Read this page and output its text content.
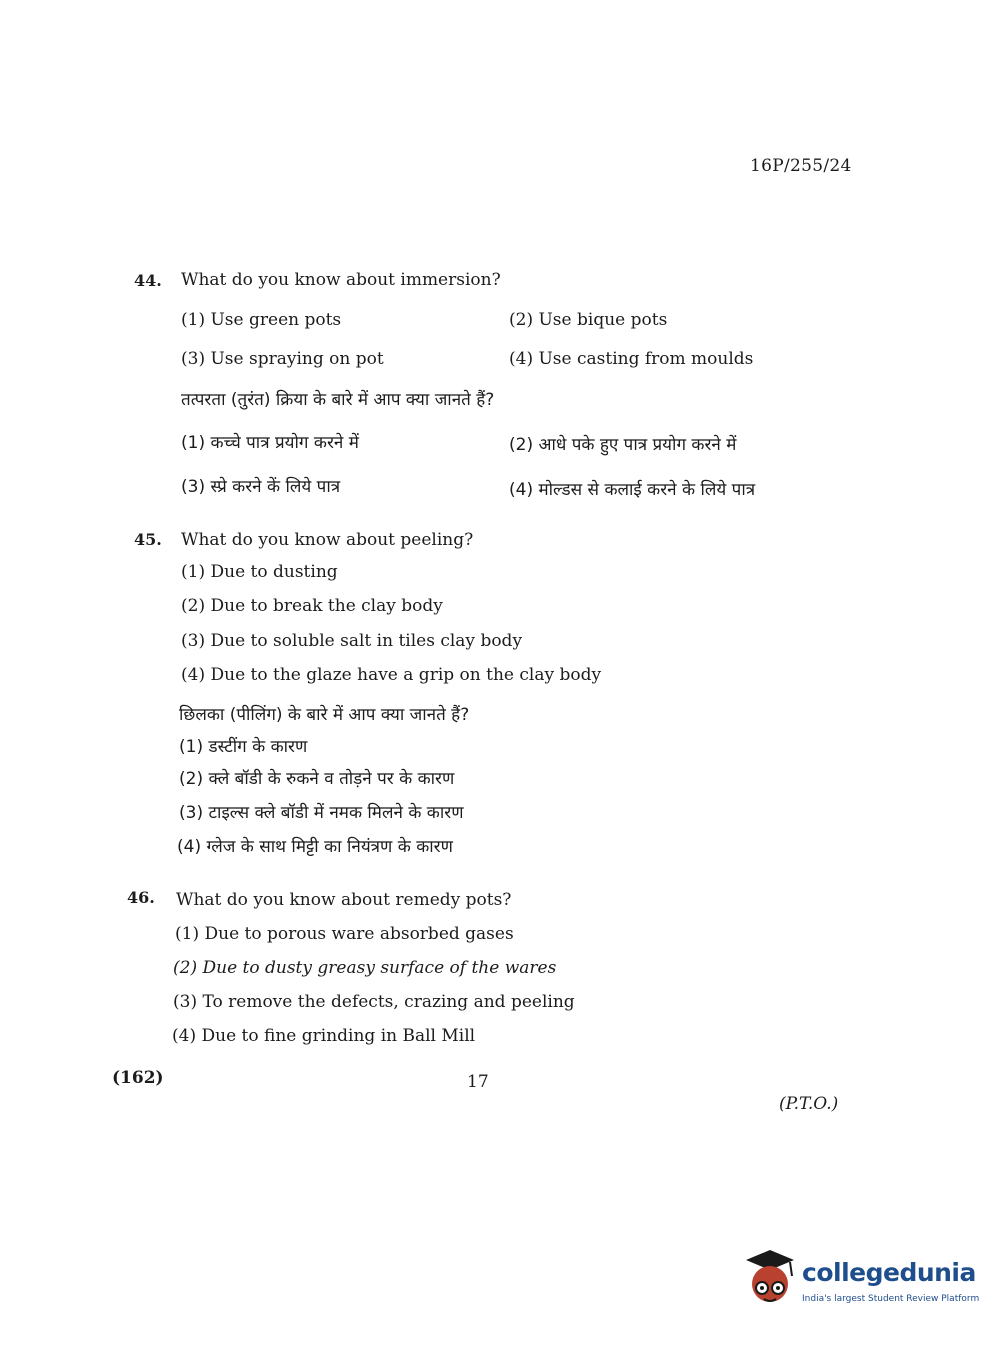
16P/255/24
44. What do you know about immersion?
(1) Use green pots	(2) Use bique pots
(3) Use spraying on pot	(4) Use casting from moulds
तत्परता (तुरंत) क्रिया के बारे में आप क्या जानते हैं?
(1) कच्चे पात्र प्रयोग करने में	(2) आधे पके हुए पात्र प्रयोग करने में
(3) स्प्रे करने कें लिये पात्र	(4) मोल्डस से कलाई करने के लिये पात्र
45. What do you know about peeling?
(1) Due to dusting
(2) Due to break the clay body
(3) Due to soluble salt in tiles clay body
(4) Due to the glaze have a grip on the clay body
छिलका (पीलिंग) के बारे में आप क्या जानते हैं?
(1) डस्टींग के कारण
(2) क्ले बॉडी के रुकने व तोड़ने पर के कारण
(3) टाइल्स क्ले बॉडी में नमक मिलने के कारण
(4) ग्लेज के साथ मिट्टी का नियंत्रण के कारण
46. What do you know about remedy pots?
(1) Due to porous ware absorbed gases
(2) Due to dusty greasy surface of the wares
(3) To remove the defects, crazing and peeling
(4) Due to fine grinding in Ball Mill
(162)	17
(P.T.O.)
collegedunia
India's largest Student Review Platform
